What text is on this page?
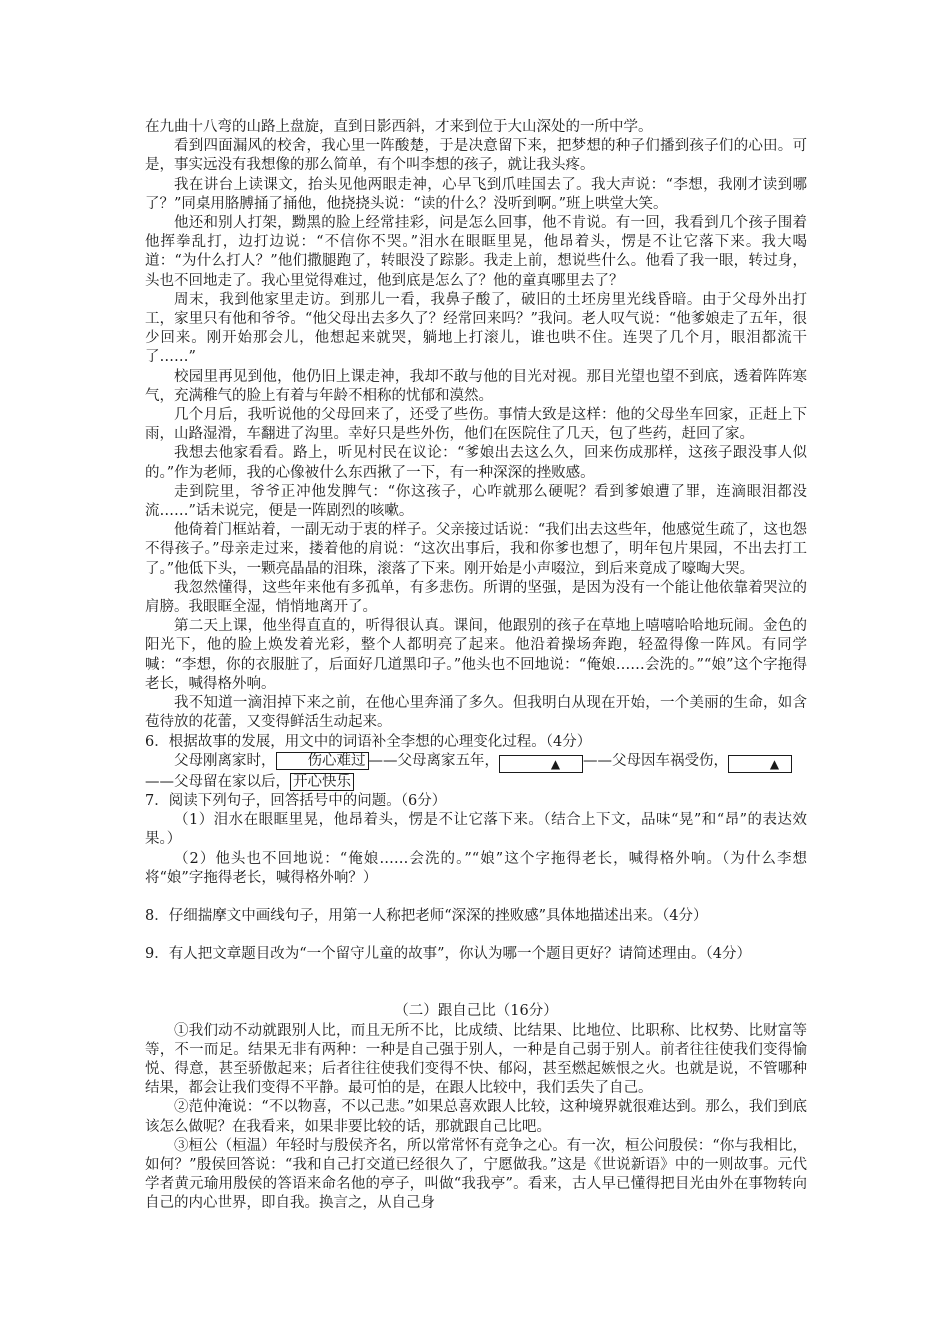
在九曲十八弯的山路上盘旋，直到日影西斜，才来到位于大山深处的一所中学。

看到四面漏风的校舍，我心里一阵酸楚，于是决意留下来，把梦想的种子们播到孩子们的心田。可是，事实远没有我想像的那么简单，有个叫李想的孩子，就让我头疼。

我在讲台上读课文，抬头见他两眼走神，心早飞到爪哇国去了。我大声说：“李想，我刚才读到哪了？”同桌用胳膊捅了捅他，他挠挠头说：“读的什么？没听到啊。”班上哄堂大笑。

他还和别人打架，黝黑的脸上经常挂彩，问是怎么回事，他不肯说。有一回，我看到几个孩子围着他挥拳乱打，边打边说：“不信你不哭。”泪水在眼眶里晃，他昂着头，愣是不让它落下来。我大喝道：“为什么打人？”他们撒腿跑了，转眼没了踪影。我走上前，想说些什么。他看了我一眼，转过身，头也不回地走了。我心里觉得难过，他到底是怎么了？他的童真哪里去了？

周末，我到他家里走访。到那儿一看，我鼻子酸了，破旧的土坯房里光线昏暗。由于父母外出打工，家里只有他和爷爷。“他父母出去多久了？经常回来吗？”我问。老人叹气说：“他爹娘走了五年，很少回来。刚开始那会儿，他想起来就哭，躺地上打滚儿，谁也哄不住。连哭了几个月，眼泪都流干了……”

校园里再见到他，他仍旧上课走神，我却不敢与他的目光对视。那目光望也望不到底，透着阵阵寒气，充满稚气的脸上有着与年龄不相称的忧郁和漠然。

几个月后，我听说他的父母回来了，还受了些伤。事情大致是这样：他的父母坐车回家，正赶上下雨，山路湿滑，车翻进了沟里。幸好只是些外伤，他们在医院住了几天，包了些药，赶回了家。

我想去他家看看。路上，听见村民在议论：“爹娘出去这么久，回来伤成那样，这孩子跟没事人似的。”作为老师，我的心像被什么东西揪了一下，有一种深深的挫败感。

走到院里，爷爷正冲他发脾气：“你这孩子，心咋就那么硬呢？看到爹娘遭了罪，连滴眼泪都没流……”话未说完，便是一阵剧烈的咳嗽。

他倚着门框站着，一副无动于衷的样子。父亲接过话说：“我们出去这些年，他感觉生疏了，这也怨不得孩子。”母亲走过来，搂着他的肩说：“这次出事后，我和你爹也想了，明年包片果园，不出去打工了。”他低下头，一颗亮晶晶的泪珠，滚落了下来。刚开始是小声啜泣，到后来竟成了嚎啕大哭。

我忽然懂得，这些年来他有多孤单，有多悲伤。所谓的坚强，是因为没有一个能让他依靠着哭泣的肩膀。我眼眶全湿，悄悄地离开了。

第二天上课，他坐得直直的，听得很认真。课间，他跟别的孩子在草地上嘻嘻哈哈地玩闹。金色的阳光下，他的脸上焕发着光彩，整个人都明亮了起来。他沿着操场奔跑，轻盈得像一阵风。有同学喊：“李想，你的衣服脏了，后面好几道黑印子。”他头也不回地说：“俺娘……会洗的。”“娘”这个字拖得老长，喊得格外响。

我不知道一滴泪掉下来之前，在他心里奔涌了多久。但我明白从现在开始，一个美丽的生命，如含苞待放的花蕾，又变得鲜活生动起来。

6．根据故事的发展，用文中的词语补全李想的心理变化过程。（4分）

父母刚离家时， 伤心难过 ——父母离家五年，	▲ ——父母因车祸受伤，	▲

——父母留在家以后， 开心快乐

7．阅读下列句子，回答括号中的问题。（6分）

（1）泪水在眼眶里晃，他昂着头，愣是不让它落下来。（结合上下文，品味“晃”和“昂”的表达效果。）

（2）他头也不回地说：“俺娘……会洗的。”“娘”这个字拖得老长，喊得格外响。（为什么李想将“娘”字拖得老长，喊得格外响？）

8．仔细揣摩文中画线句子，用第一人称把老师“深深的挫败感”具体地描述出来。（4分）

9．有人把文章题目改为“一个留守儿童的故事”，你认为哪一个题目更好？请简述理由。（4分）

（二）跟自己比（16分）

①我们动不动就跟别人比，而且无所不比，比成绩、比结果、比地位、比职称、比权势、比财富等等，不一而足。结果无非有两种：一种是自己强于别人，一种是自己弱于别人。前者往往使我们变得愉悦、得意，甚至骄傲起来；后者往往使我们变得不快、郁闷，甚至燃起嫉恨之火。也就是说，不管哪种结果，都会让我们变得不平静。最可怕的是，在跟人比较中，我们丢失了自己。

②范仲淹说：“不以物喜，不以己悲。”如果总喜欢跟人比较，这种境界就很难达到。那么，我们到底该怎么做呢？在我看来，如果非要比较的话，那就跟自己比吧。

③桓公（桓温）年轻时与殷侯齐名，所以常常怀有竞争之心。有一次，桓公问殷侯：“你与我相比，如何？”殷侯回答说：“我和自己打交道已经很久了，宁愿做我。”这是《世说新语》中的一则故事。元代学者黄元瑜用殷侯的答语来命名他的亭子，叫做“我我亭”。看来，古人早已懂得把目光由外在事物转向自己的内心世界，即自我。换言之，从自己身
